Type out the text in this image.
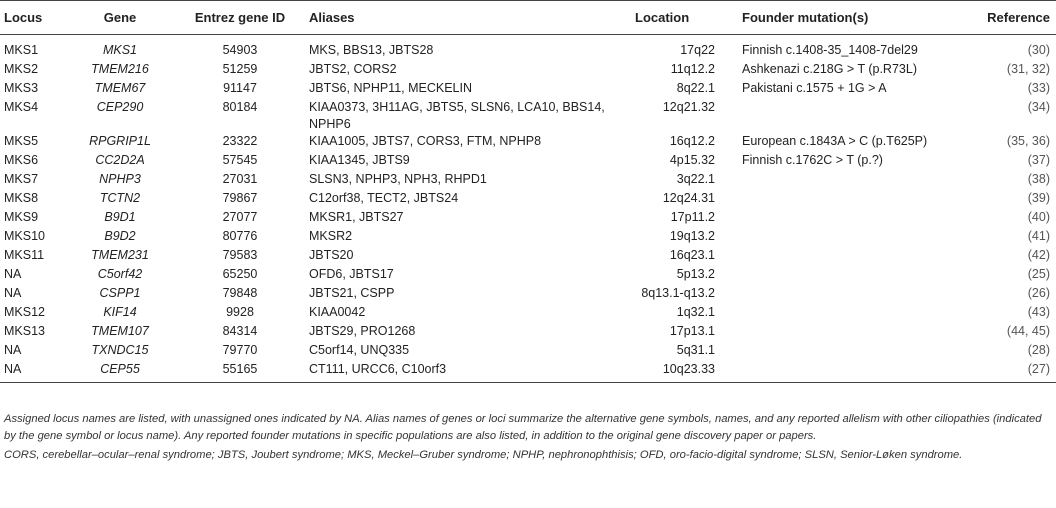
Locus	Gene	Entrez gene ID	Aliases	Location	Founder mutation(s)	Reference
MKS1	MKS1	54903	MKS, BBS13, JBTS28	17q22	Finnish c.1408-35_1408-7del29	(30)
MKS2	TMEM216	51259	JBTS2, CORS2	11q12.2	Ashkenazi c.218G > T (p.R73L)	(31, 32)
MKS3	TMEM67	91147	JBTS6, NPHP11, MECKELIN	8q22.1	Pakistani c.1575 + 1G > A	(33)
MKS4	CEP290	80184	KIAA0373, 3H11AG, JBTS5, SLSN6, LCA10, BBS14, NPHP6	12q21.32		(34)
MKS5	RPGRIP1L	23322	KIAA1005, JBTS7, CORS3, FTM, NPHP8	16q12.2	European c.1843A > C (p.T625P)	(35, 36)
MKS6	CC2D2A	57545	KIAA1345, JBTS9	4p15.32	Finnish c.1762C > T (p.?)	(37)
MKS7	NPHP3	27031	SLSN3, NPHP3, NPH3, RHPD1	3q22.1		(38)
MKS8	TCTN2	79867	C12orf38, TECT2, JBTS24	12q24.31		(39)
MKS9	B9D1	27077	MKSR1, JBTS27	17p11.2		(40)
MKS10	B9D2	80776	MKSR2	19q13.2		(41)
MKS11	TMEM231	79583	JBTS20	16q23.1		(42)
NA	C5orf42	65250	OFD6, JBTS17	5p13.2		(25)
NA	CSPP1	79848	JBTS21, CSPP	8q13.1-q13.2		(26)
MKS12	KIF14	9928	KIAA0042	1q32.1		(43)
MKS13	TMEM107	84314	JBTS29, PRO1268	17p13.1		(44, 45)
NA	TXNDC15	79770	C5orf14, UNQ335	5q31.1		(28)
NA	CEP55	55165	CT111, URCC6, C10orf3	10q23.33		(27)

Assigned locus names are listed, with unassigned ones indicated by NA. Alias names of genes or loci summarize the alternative gene symbols, names, and any reported allelism with other ciliopathies (indicated by the gene symbol or locus name). Any reported founder mutations in specific populations are also listed, in addition to the original gene discovery paper or papers.

CORS, cerebellar–ocular–renal syndrome; JBTS, Joubert syndrome; MKS, Meckel–Gruber syndrome; NPHP, nephronophthisis; OFD, oro-facio-digital syndrome; SLSN, Senior-Løken syndrome.
